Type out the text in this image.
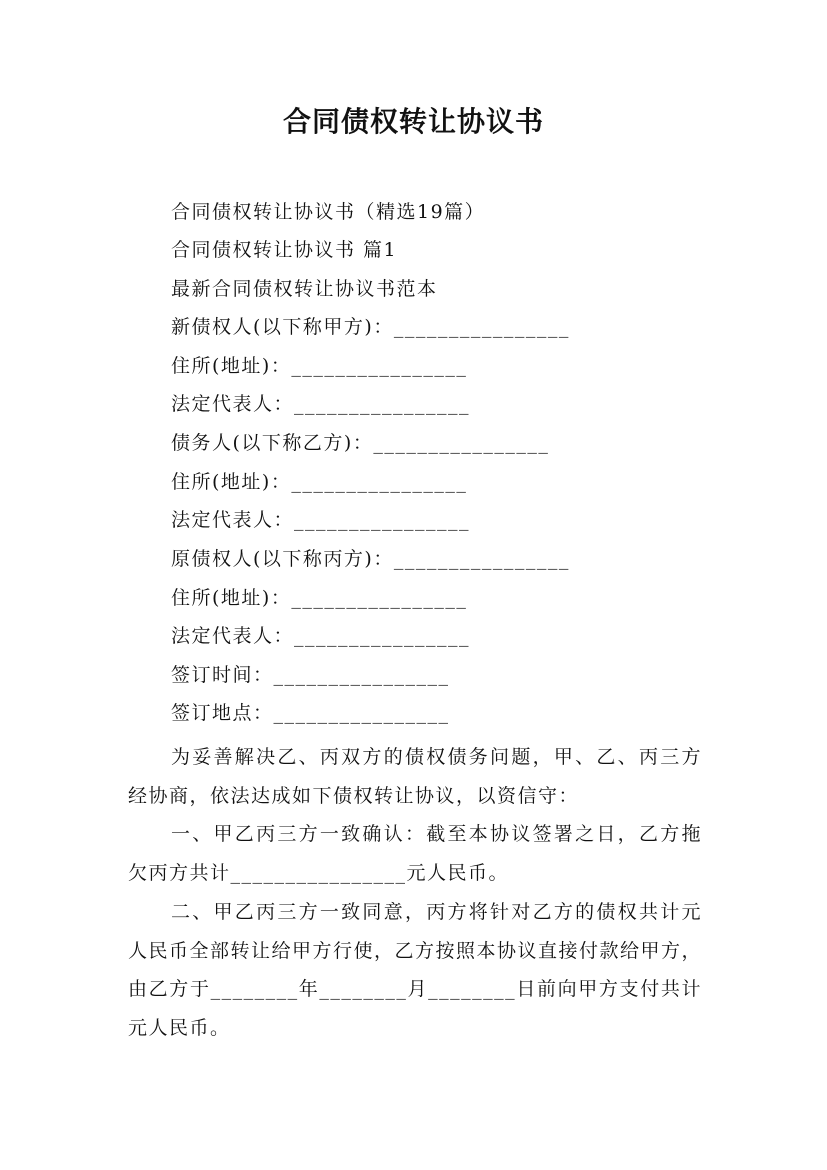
合同债权转让协议书
合同债权转让协议书（精选19篇）
合同债权转让协议书 篇1
最新合同债权转让协议书范本
新债权人(以下称甲方)：________________
住所(地址)：________________
法定代表人：________________
债务人(以下称乙方)：________________
住所(地址)：________________
法定代表人：________________
原债权人(以下称丙方)：________________
住所(地址)：________________
法定代表人：________________
签订时间：________________
签订地点：________________
为妥善解决乙、丙双方的债权债务问题，甲、乙、丙三方经协商，依法达成如下债权转让协议，以资信守：
一、甲乙丙三方一致确认：截至本协议签署之日，乙方拖欠丙方共计________________元人民币。
二、甲乙丙三方一致同意，丙方将针对乙方的债权共计元人民币全部转让给甲方行使，乙方按照本协议直接付款给甲方，由乙方于________年________月________日前向甲方支付共计元人民币。
